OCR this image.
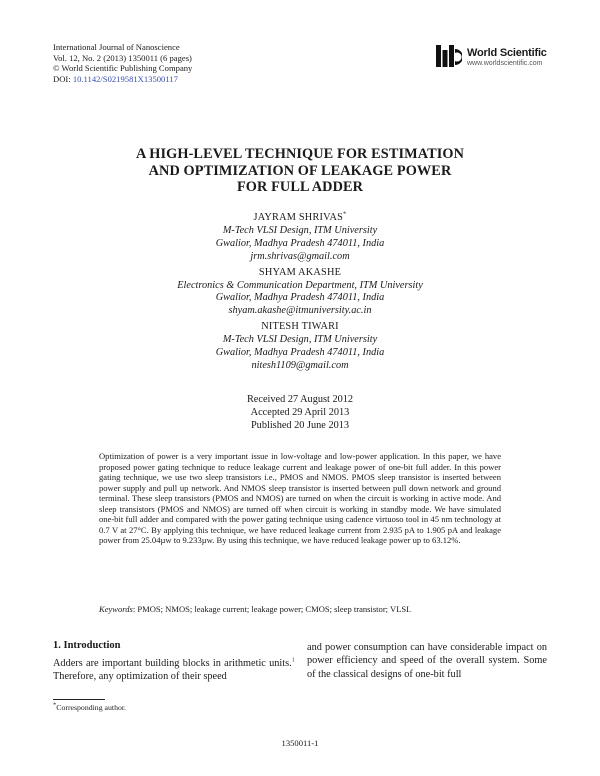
International Journal of Nanoscience
Vol. 12, No. 2 (2013) 1350011 (6 pages)
© World Scientific Publishing Company
DOI: 10.1142/S0219581X13500117
World Scientific
www.worldscientific.com
A HIGH-LEVEL TECHNIQUE FOR ESTIMATION
AND OPTIMIZATION OF LEAKAGE POWER
FOR FULL ADDER
JAYRAM SHRIVAS*
M-Tech VLSI Design, ITM University
Gwalior, Madhya Pradesh 474011, India
jrm.shrivas@gmail.com
SHYAM AKASHE
Electronics & Communication Department, ITM University
Gwalior, Madhya Pradesh 474011, India
shyam.akashe@itmuniversity.ac.in
NITESH TIWARI
M-Tech VLSI Design, ITM University
Gwalior, Madhya Pradesh 474011, India
nitesh1109@gmail.com
Received 27 August 2012
Accepted 29 April 2013
Published 20 June 2013
Optimization of power is a very important issue in low-voltage and low-power application. In this paper, we have proposed power gating technique to reduce leakage current and leakage power of one-bit full adder. In this power gating technique, we use two sleep transistors i.e., PMOS and NMOS. PMOS sleep transistor is inserted between power supply and pull up network. And NMOS sleep transistor is inserted between pull down network and ground terminal. These sleep transistors (PMOS and NMOS) are turned on when the circuit is working in active mode. And sleep transistors (PMOS and NMOS) are turned off when circuit is working in standby mode. We have simulated one-bit full adder and compared with the power gating technique using cadence virtuoso tool in 45 nm technology at 0.7 V at 27°C. By applying this technique, we have reduced leakage current from 2.935 pA to 1.905 pA and leakage power from 25.04µw to 9.233µw. By using this technique, we have reduced leakage power up to 63.12%.
Keywords: PMOS; NMOS; leakage current; leakage power; CMOS; sleep transistor; VLSI.
1. Introduction
Adders are important building blocks in arithmetic units.$^1$ Therefore, any optimization of their speed
and power consumption can have considerable impact on power efficiency and speed of the overall system. Some of the classical designs of one-bit full
*Corresponding author.
1350011-1
